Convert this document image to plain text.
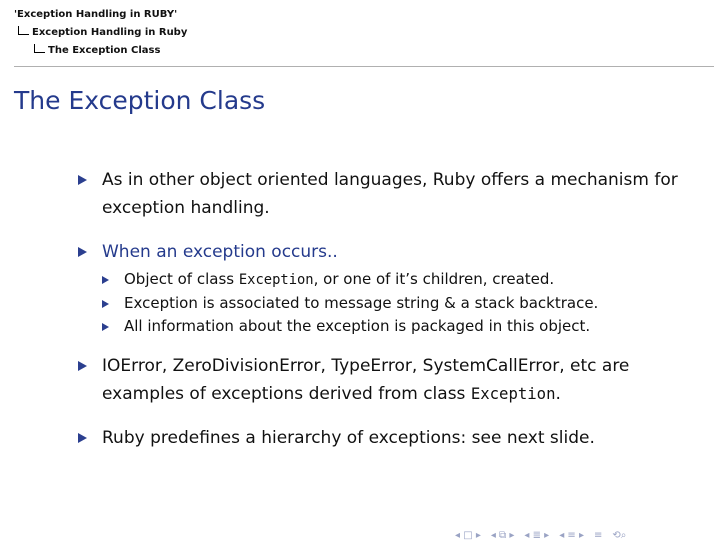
'Exception Handling in RUBY'
Exception Handling in Ruby
The Exception Class
The Exception Class
As in other object oriented languages, Ruby offers a mechanism for exception handling.
When an exception occurs..
Object of class Exception, or one of it’s children, created.
Exception is associated to message string & a stack backtrace.
All information about the exception is packaged in this object.
IOError, ZeroDivisionError, TypeError, SystemCallError, etc are examples of exceptions derived from class Exception.
Ruby predefines a hierarchy of exceptions: see next slide.
◂ □ ▸ ◂ ⧉ ▸ ◂ ≣ ▸ ◂ ≡ ▸ ≡ ⟲⌕
